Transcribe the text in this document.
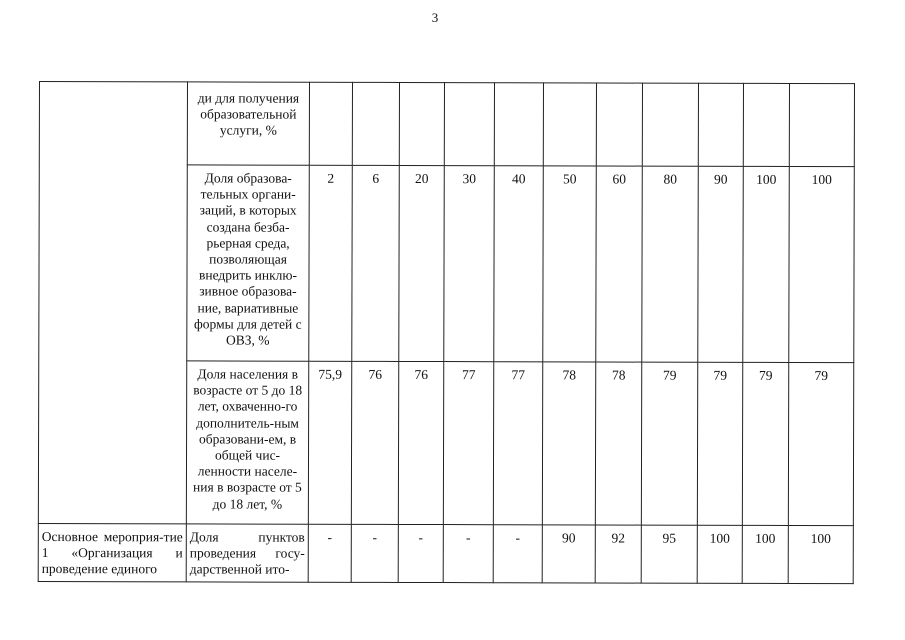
3

	ди для получения образовательной услуги, %											

	Доля образова-тельных органи-заций, в которых создана безба-рьерная среда, позволяющая внедрить инклю-зивное образова-ние, вариативные формы для детей с ОВЗ, %	2	6	20	30	40	50	60	80	90	100	100

	Доля населения в возрасте от 5 до 18 лет, охваченно-го дополнитель-ным образовани-ем, в общей чис-ленности населе-ния в возрасте от 5 до 18 лет, %	75,9	76	76	77	77	78	78	79	79	79	79

Основное мероприя-тие 1 «Организация и проведение единого	Доля пунктов проведения госу-дарственной ито-	-	-	-	-	-	90	92	95	100	100	100
